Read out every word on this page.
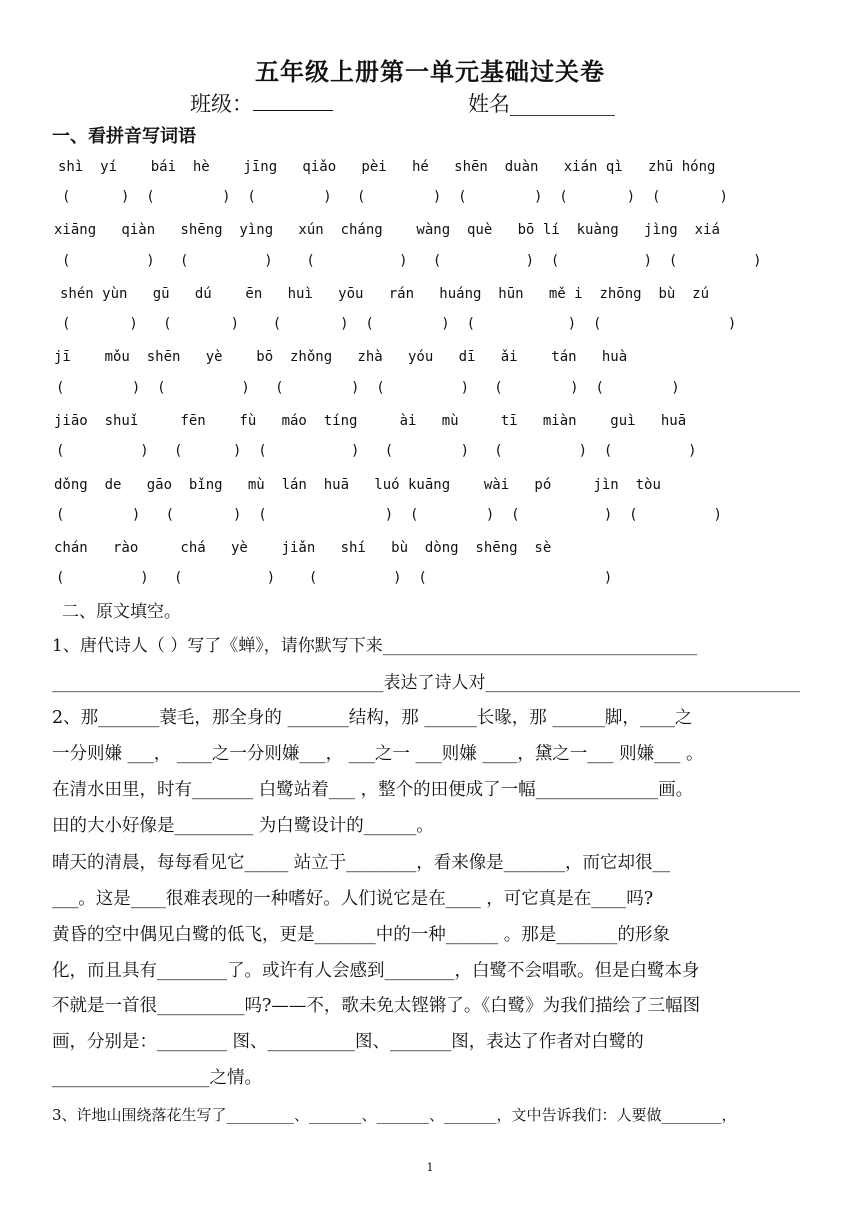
五年级上册第一单元基础过关卷
班级：	姓名__________
一、看拼音写词语
shì  yí    bái  hè    jīng   qiǎo   pèi   hé   shēn  duàn   xián qì   zhū hóng
(      )  (        )  (        )   (        )  (        )  (       )  (       )
xiāng   qiàn   shēng  yìng   xún  cháng    wàng  què   bō lí  kuàng   jìng  xiá
(         )   (         )    (          )   (          )  (          )  (         )
shén yùn   gū   dú    ēn   huì   yōu   rán   huáng  hūn   mě i  zhōng  bù  zú
(       )   (       )    (       )  (        )  (           )  (               )
jī    mǒu  shēn   yè    bō  zhǒng   zhà   yóu   dī   ǎi    tán   huà
(        )  (         )   (        )  (         )   (        )  (        )
jiāo  shuǐ     fēn    fù   máo  tíng     ài   mù     tī   miàn    guì   huā
(         )   (      )  (          )   (        )   (         )  (         )
dǒng  de   gāo  bǐng   mù  lán  huā   luó kuāng    wài   pó     jìn  tòu
(        )   (       )  (              )  (        )  (          )  (         )
chán   rào     chá   yè    jiǎn   shí   bù  dòng  shēng  sè
(         )   (          )    (         )  (                     )
二、原文填空。
1、唐代诗人（ ）写了《蝉》，请你默写下来_____________________________________
_______________________________________表达了诗人对_____________________________________
2、那_______蓑毛，那全身的 _______结构，那 ______长喙，那 ______脚，____之
一分则嫌 ___， ____之一分则嫌___， ___之一 ___则嫌 ____，黛之一___ 则嫌___ 。
在清水田里，时有_______ 白鹭站着___ ，整个的田便成了一幅______________画。
田的大小好像是_________ 为白鹭设计的______。
晴天的清晨，每每看见它_____ 站立于________，看来像是_______，而它却很__
___。这是____很难表现的一种嗜好。人们说它是在____ ，可它真是在____吗?
黄昏的空中偶见白鹭的低飞，更是_______中的一种______ 。那是_______的形象
化，而且具有________了。或许有人会感到________，白鹭不会唱歌。但是白鹭本身
不就是一首很__________吗?——不，歌未免太铿锵了。《白鹭》为我们描绘了三幅图
画，分别是：________ 图、__________图、_______图，表达了作者对白鹭的
__________________之情。
3、许地山围绕落花生写了_________、_______、_______、_______，文中告诉我们：人要做________，
1
